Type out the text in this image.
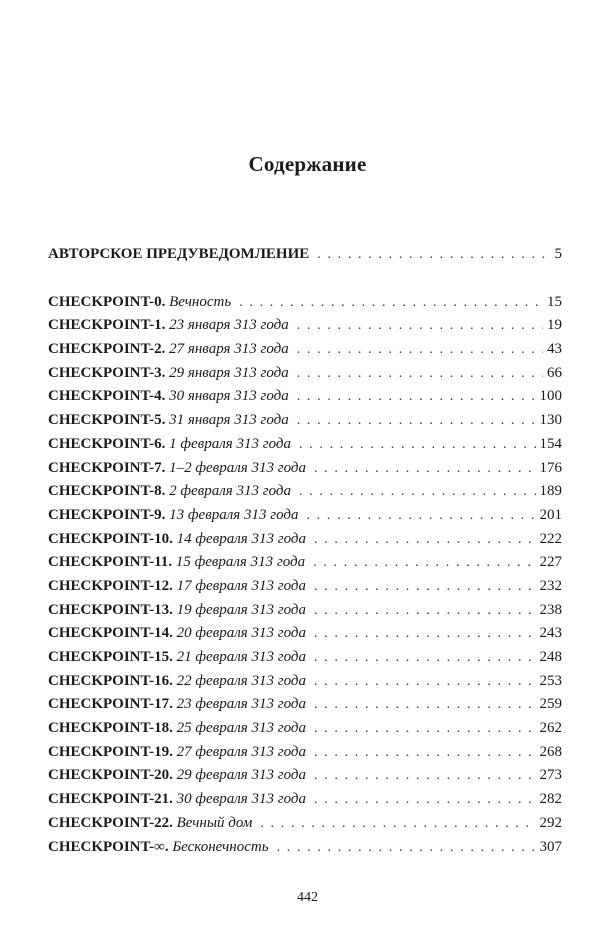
Содержание
АВТОРСКОЕ ПРЕДУВЕДОМЛЕНИЕ . . .	5
CHECKPOINT-0 . Вечность . . .	15
CHECKPOINT-1 . 23 января 313 года . . .	19
CHECKPOINT-2 . 27 января 313 года . . .	43
CHECKPOINT-3 . 29 января 313 года . . .	66
CHECKPOINT-4 . 30 января 313 года . . .	100
CHECKPOINT-5 . 31 января 313 года . . .	130
CHECKPOINT-6 . 1 февраля 313 года . . .	154
CHECKPOINT-7 . 1–2 февраля 313 года . . .	176
CHECKPOINT-8 . 2 февраля 313 года . . .	189
CHECKPOINT-9 . 13 февраля 313 года . . .	201
CHECKPOINT-10 . 14 февраля 313 года . . .	222
CHECKPOINT-11 . 15 февраля 313 года . . .	227
CHECKPOINT-12 . 17 февраля 313 года . . .	232
CHECKPOINT-13 . 19 февраля 313 года . . .	238
CHECKPOINT-14 . 20 февраля 313 года . . .	243
CHECKPOINT-15 . 21 февраля 313 года . . .	248
CHECKPOINT-16 . 22 февраля 313 года . . .	253
CHECKPOINT-17 . 23 февраля 313 года . . .	259
CHECKPOINT-18 . 25 февраля 313 года . . .	262
CHECKPOINT-19 . 27 февраля 313 года . . .	268
CHECKPOINT-20 . 29 февраля 313 года . . .	273
CHECKPOINT-21 . 30 февраля 313 года . . .	282
CHECKPOINT-22 . Вечный дом . . .	292
CHECKPOINT-∞ . Бесконечность . . .	307
442
